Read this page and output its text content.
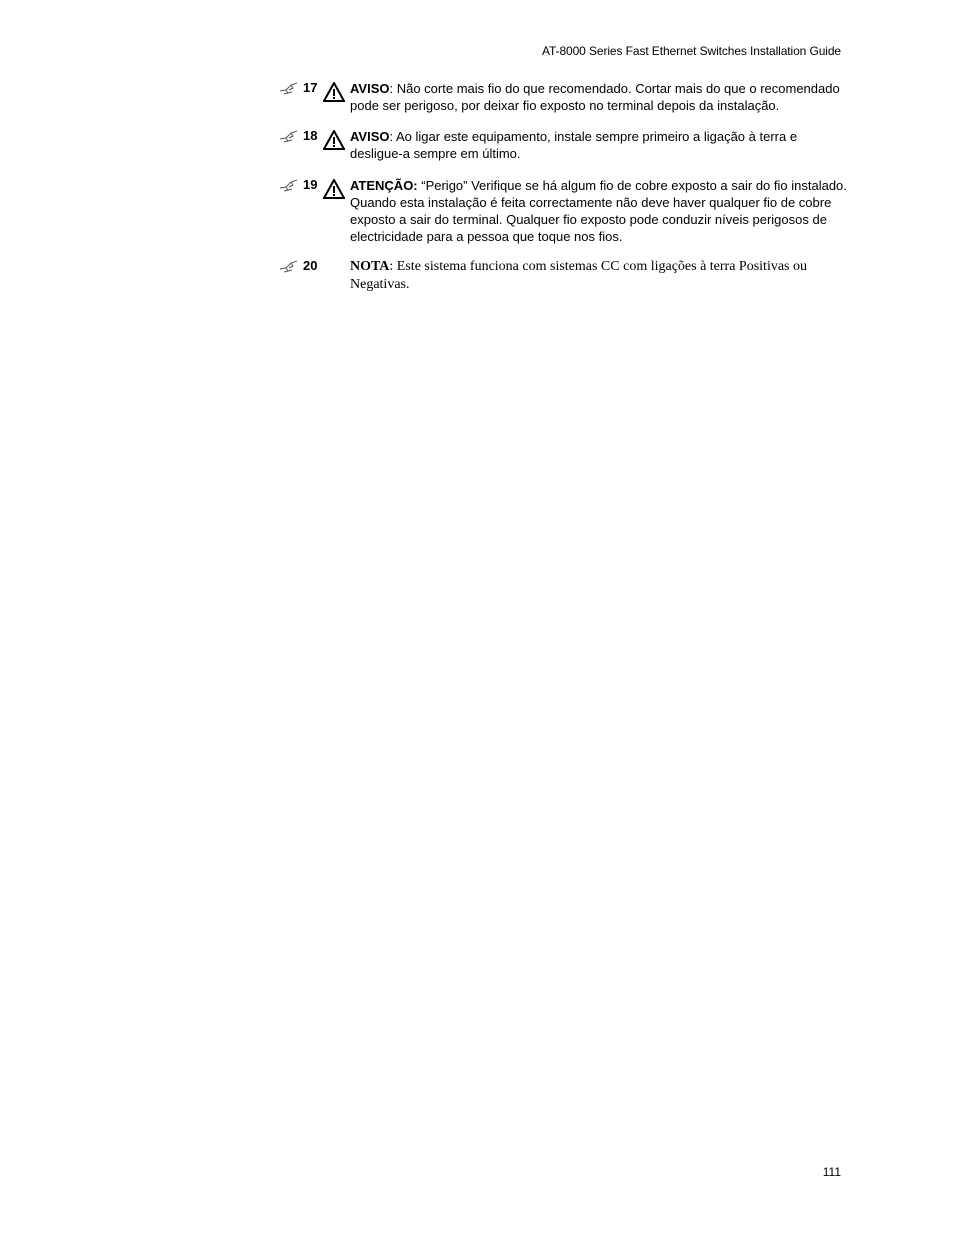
AT-8000 Series Fast Ethernet Switches Installation Guide
17	AVISO: Não corte mais fio do que recomendado. Cortar mais do que o recomendado pode ser perigoso, por deixar fio exposto no terminal depois da instalação.
18	AVISO: Ao ligar este equipamento, instale sempre primeiro a ligação à terra e desligue-a sempre em último.
19	ATENÇÃO: “Perigo” Verifique se há algum fio de cobre exposto a sair do fio instalado. Quando esta instalação é feita correctamente não deve haver qualquer fio de cobre exposto a sair do terminal. Qualquer fio exposto pode conduzir níveis perigosos de electricidade para a pessoa que toque nos fios.
20 NOTA: Este sistema funciona com sistemas CC com ligações à terra Positivas ou Negativas.
111
